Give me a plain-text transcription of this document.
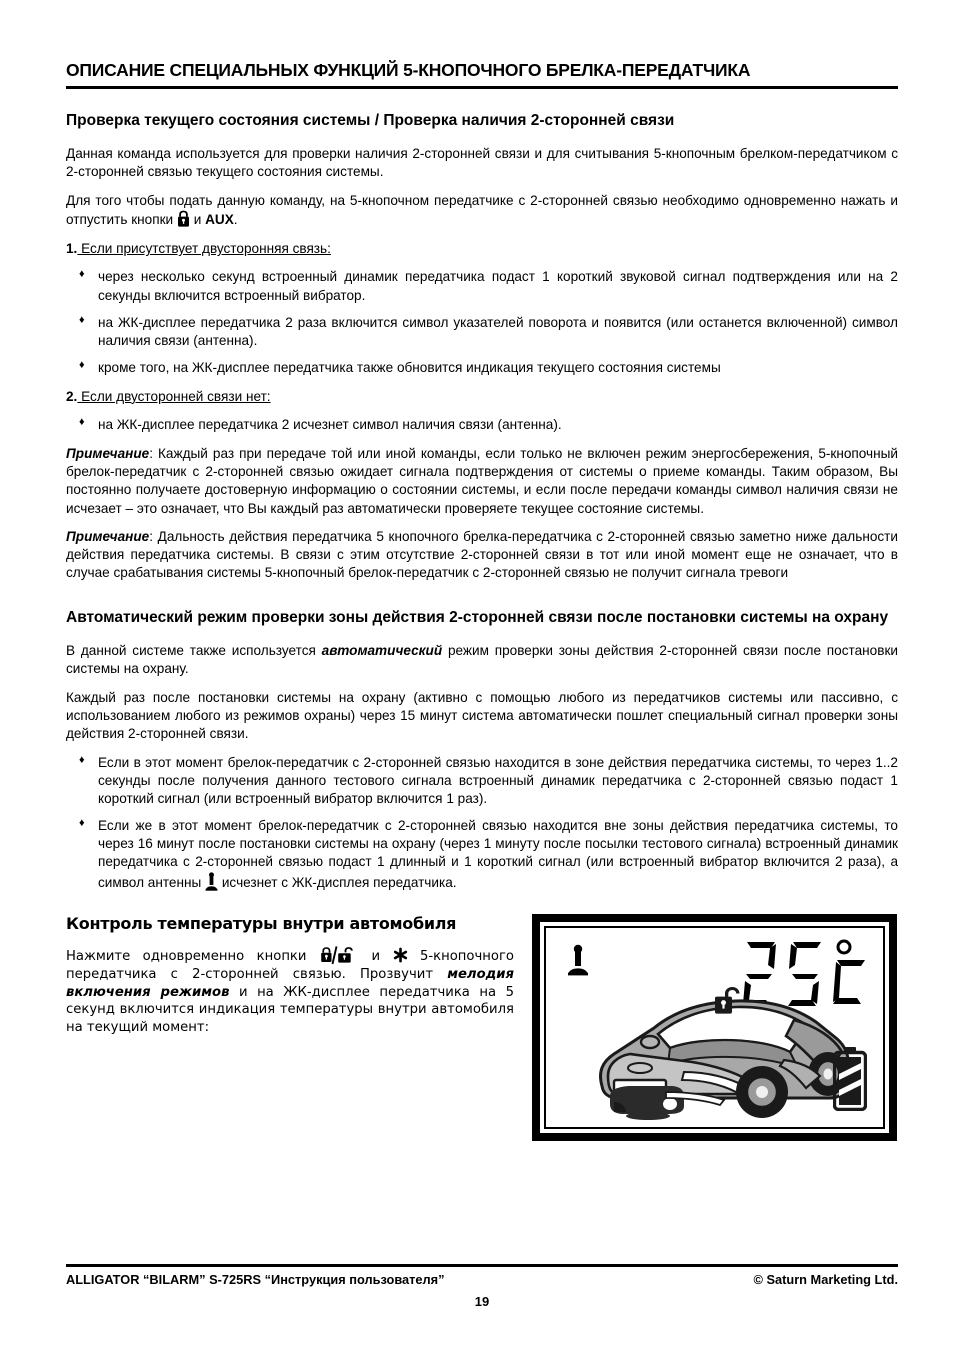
ОПИСАНИЕ СПЕЦИАЛЬНЫХ ФУНКЦИЙ 5-КНОПОЧНОГО БРЕЛКА-ПЕРЕДАТЧИКА
Проверка текущего состояния системы / Проверка наличия 2-сторонней связи

Данная команда используется для проверки наличия 2-сторонней связи и для считывания 5-кнопочным брелком-передатчиком с 2-сторонней связью текущего состояния системы.

Для того чтобы подать данную команду, на 5-кнопочном передатчике с 2-сторонней связью необходимо одновременно нажать и отпустить кнопки и AUX.

1. Если присутствует двусторонняя связь:
♦ через несколько секунд встроенный динамик передатчика подаст 1 короткий звуковой сигнал подтверждения или на 2 секунды включится встроенный вибратор.
♦ на ЖК-дисплее передатчика 2 раза включится символ указателей поворота и появится (или останется включенной) символ наличия связи (антенна).
♦ кроме того, на ЖК-дисплее передатчика также обновится индикация текущего состояния системы
2. Если двусторонней связи нет:
♦ на ЖК-дисплее передатчика 2 исчезнет символ наличия связи (антенна).

Примечание: Каждый раз при передаче той или иной команды, если только не включен режим энергосбережения, 5-кнопочный брелок-передатчик с 2-сторонней связью ожидает сигнала подтверждения от системы о приеме команды. Таким образом, Вы постоянно получаете достоверную информацию о состоянии системы, и если после передачи команды символ наличия связи не исчезает – это означает, что Вы каждый раз автоматически проверяете текущее состояние системы.

Примечание: Дальность действия передатчика 5 кнопочного брелка-передатчика с 2-сторонней связью заметно ниже дальности действия передатчика системы. В связи с этим отсутствие 2-сторонней связи в тот или иной момент еще не означает, что в случае срабатывания системы 5-кнопочный брелок-передатчик с 2-сторонней связью не получит сигнала тревоги

Автоматический режим проверки зоны действия 2-сторонней связи после постановки системы на охрану

В данной системе также используется автоматический режим проверки зоны действия 2-сторонней связи после постановки системы на охрану.

Каждый раз после постановки системы на охрану (активно с помощью любого из передатчиков системы или пассивно, с использованием любого из режимов охраны) через 15 минут система автоматически пошлет специальный сигнал проверки зоны действия 2-сторонней связи.

♦ Если в этот момент брелок-передатчик с 2-сторонней связью находится в зоне действия передатчика системы, то через 1..2 секунды после получения данного тестового сигнала встроенный динамик передатчика с 2-сторонней связью подаст 1 короткий сигнал (или встроенный вибратор включится 1 раз).
♦ Если же в этот момент брелок-передатчик с 2-сторонней связью находится вне зоны действия передатчика системы, то через 16 минут после постановки системы на охрану (через 1 минуту после посылки тестового сигнала) встроенный динамик передатчика с 2-сторонней связью подаст 1 длинный и 1 короткий сигнал (или встроенный вибратор включится 2 раза), а символ антенны исчезнет с ЖК-дисплея передатчика.
Контроль температуры внутри автомобиля

Нажмите одновременно кнопки	и	5-кнопочного передатчика с 2-сторонней связью. Прозвучит мелодия включения режимов и на ЖК-дисплее передатчика на 5 секунд включится индикация температуры внутри автомобиля на текущий момент:

ALLIGATOR “BILARM” S-725RS “Инструкция пользователя”	© Saturn Marketing Ltd.
19
